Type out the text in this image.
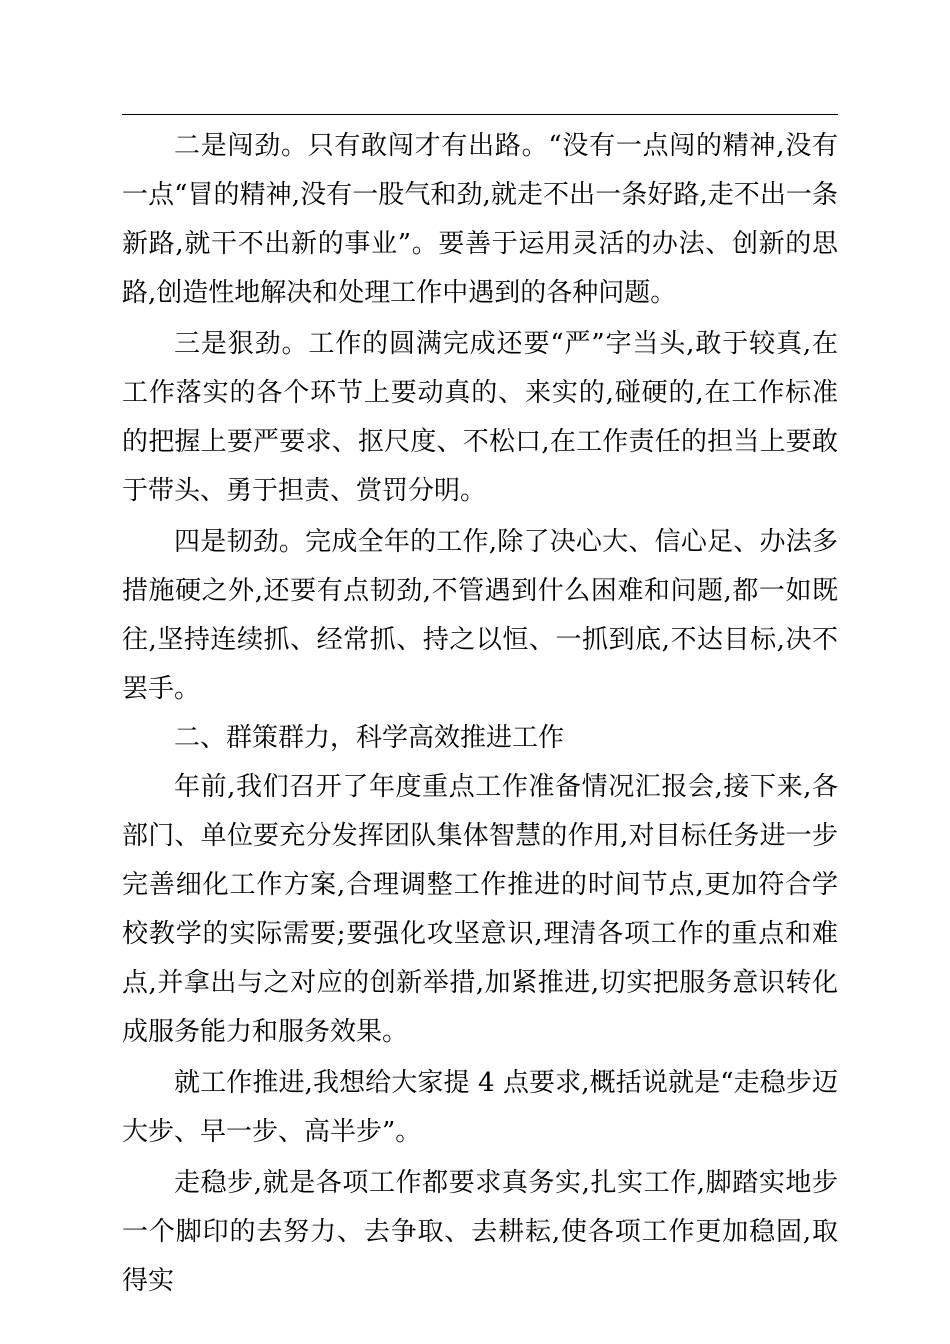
二是闯劲。只有敢闯才有出路。“没有一点闯的精神,没有一点“冒的精神,没有一股气和劲,就走不出一条好路,走不出一条新路,就干不出新的事业”。要善于运用灵活的办法、创新的思路,创造性地解决和处理工作中遇到的各种问题。

三是狠劲。工作的圆满完成还要“严”字当头,敢于较真,在工作落实的各个环节上要动真的、来实的,碰硬的,在工作标准的把握上要严要求、抠尺度、不松口,在工作责任的担当上要敢于带头、勇于担责、赏罚分明。

四是韧劲。完成全年的工作,除了决心大、信心足、办法多措施硬之外,还要有点韧劲,不管遇到什么困难和问题,都一如既往,坚持连续抓、经常抓、持之以恒、一抓到底,不达目标,决不罢手。

二、群策群力，科学高效推进工作

年前,我们召开了年度重点工作准备情况汇报会,接下来,各部门、单位要充分发挥团队集体智慧的作用,对目标任务进一步完善细化工作方案,合理调整工作推进的时间节点,更加符合学校教学的实际需要;要强化攻坚意识,理清各项工作的重点和难点,并拿出与之对应的创新举措,加紧推进,切实把服务意识转化成服务能力和服务效果。

就工作推进,我想给大家提 4 点要求,概括说就是“走稳步迈大步、早一步、高半步”。

走稳步,就是各项工作都要求真务实,扎实工作,脚踏实地步一个脚印的去努力、去争取、去耕耘,使各项工作更加稳固,取得实
